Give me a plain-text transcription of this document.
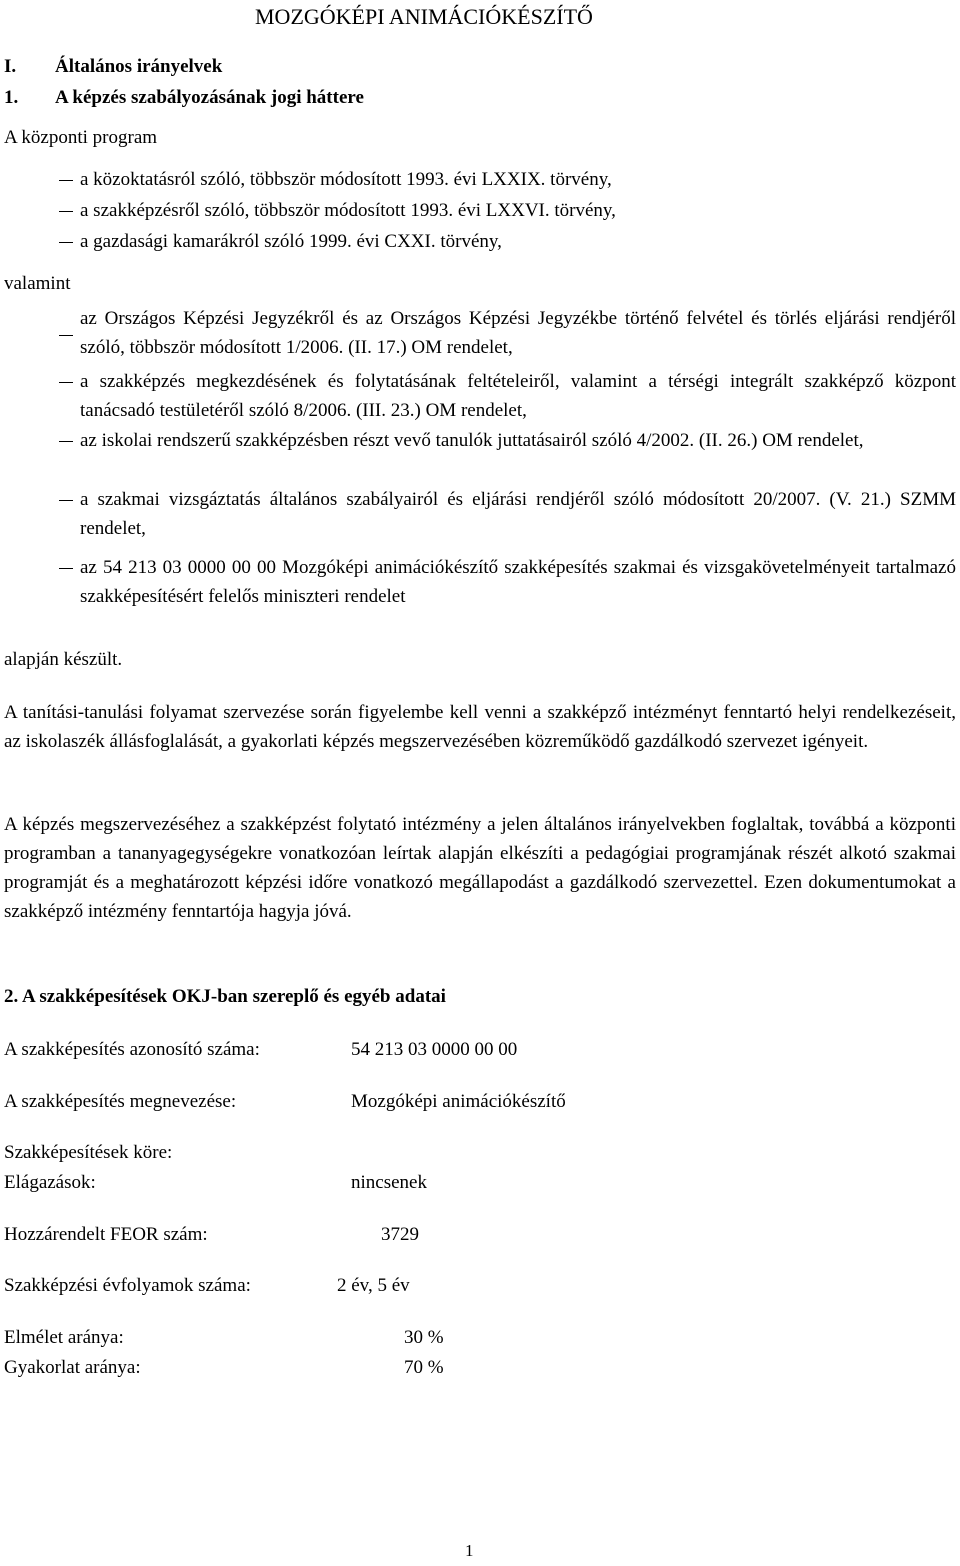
MOZGÓKÉPI ANIMÁCIÓKÉSZÍTŐ
I. Általános irányelvek
1. A képzés szabályozásának jogi háttere
A központi program
a közoktatásról szóló, többször módosított 1993. évi LXXIX. törvény,
a szakképzésről szóló, többször módosított 1993. évi LXXVI. törvény,
a gazdasági kamarákról szóló 1999. évi CXXI. törvény,
valamint
az Országos Képzési Jegyzékről és az Országos Képzési Jegyzékbe történő felvétel és törlés eljárási rendjéről szóló, többször módosított 1/2006. (II. 17.) OM rendelet,
a szakképzés megkezdésének és folytatásának feltételeiről, valamint a térségi integrált szakképző központ tanácsadó testületéről szóló 8/2006. (III. 23.) OM rendelet,
az iskolai rendszerű szakképzésben részt vevő tanulók juttatásairól szóló 4/2002. (II. 26.) OM rendelet,
a szakmai vizsgáztatás általános szabályairól és eljárási rendjéről szóló módosított 20/2007. (V. 21.) SZMM rendelet,
az 54 213 03 0000 00 00 Mozgóképi animációkészítő szakképesítés szakmai és vizsgakövetelményeit tartalmazó szakképesítésért felelős miniszteri rendelet
alapján készült.
A tanítási-tanulási folyamat szervezése során figyelembe kell venni a szakképző intézményt fenntartó helyi rendelkezéseit, az iskolaszék állásfoglalását, a gyakorlati képzés megszervezésében közreműködő gazdálkodó szervezet igényeit.
A képzés megszervezéséhez a szakképzést folytató intézmény a jelen általános irányelvekben foglaltak, továbbá a központi programban a tananyagegységekre vonatkozóan leírtak alapján elkészíti a pedagógiai programjának részét alkotó szakmai programját és a meghatározott képzési időre vonatkozó megállapodást a gazdálkodó szervezettel. Ezen dokumentumokat a szakképző intézmény fenntartója hagyja jóvá.
2. A szakképesítések OKJ-ban szereplő és egyéb adatai
A szakképesítés azonosító száma:	54 213 03 0000 00 00
A szakképesítés megnevezése:	Mozgóképi animációkészítő
Szakképesítések köre:
Elágazások:	nincsenek
Hozzárendelt FEOR szám:	3729
Szakképzési évfolyamok száma:	2 év, 5 év
Elmélet aránya:	30 %
Gyakorlat aránya:	70 %
1
